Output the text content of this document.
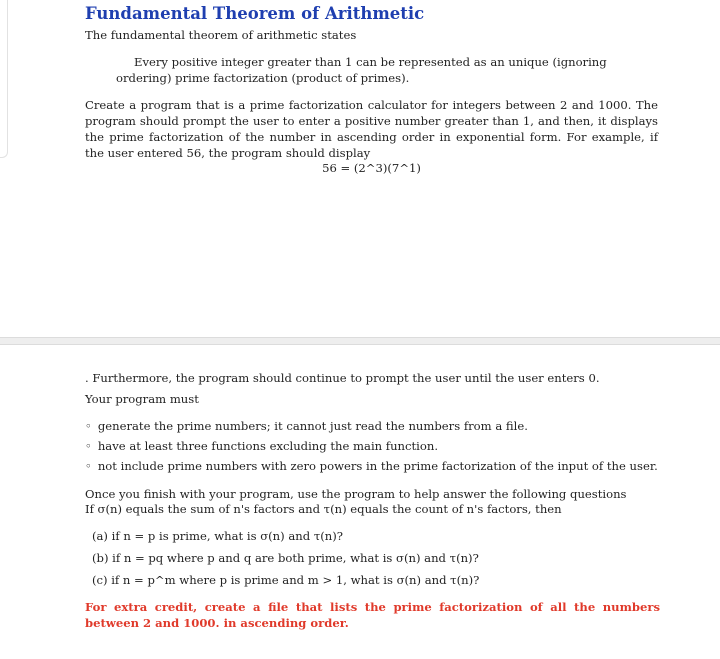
Fundamental Theorem of Arithmetic

The fundamental theorem of arithmetic states

Every positive integer greater than 1 can be represented as an unique (ignoring ordering) prime factorization (product of primes).

Create a program that is a prime factorization calculator for integers between 2 and 1000. The program should prompt the user to enter a positive number greater than 1, and then, it displays the prime factorization of the number in ascending order in exponential form. For example, if the user entered 56, the program should display

56 = (2^3)(7^1)

. Furthermore, the program should continue to prompt the user until the user enters 0.

Your program must

◦ generate the prime numbers; it cannot just read the numbers from a file.
◦ have at least three functions excluding the main function.
◦ not include prime numbers with zero powers in the prime factorization of the input of the user.

Once you finish with your program, use the program to help answer the following questions

If σ(n) equals the sum of n's factors and τ(n) equals the count of n's factors, then

(a) if n = p is prime, what is σ(n) and τ(n)?
(b) if n = pq where p and q are both prime, what is σ(n) and τ(n)?
(c) if n = p^m where p is prime and m > 1, what is σ(n) and τ(n)?

For extra credit, create a file that lists the prime factorization of all the numbers between 2 and 1000. in ascending order.
